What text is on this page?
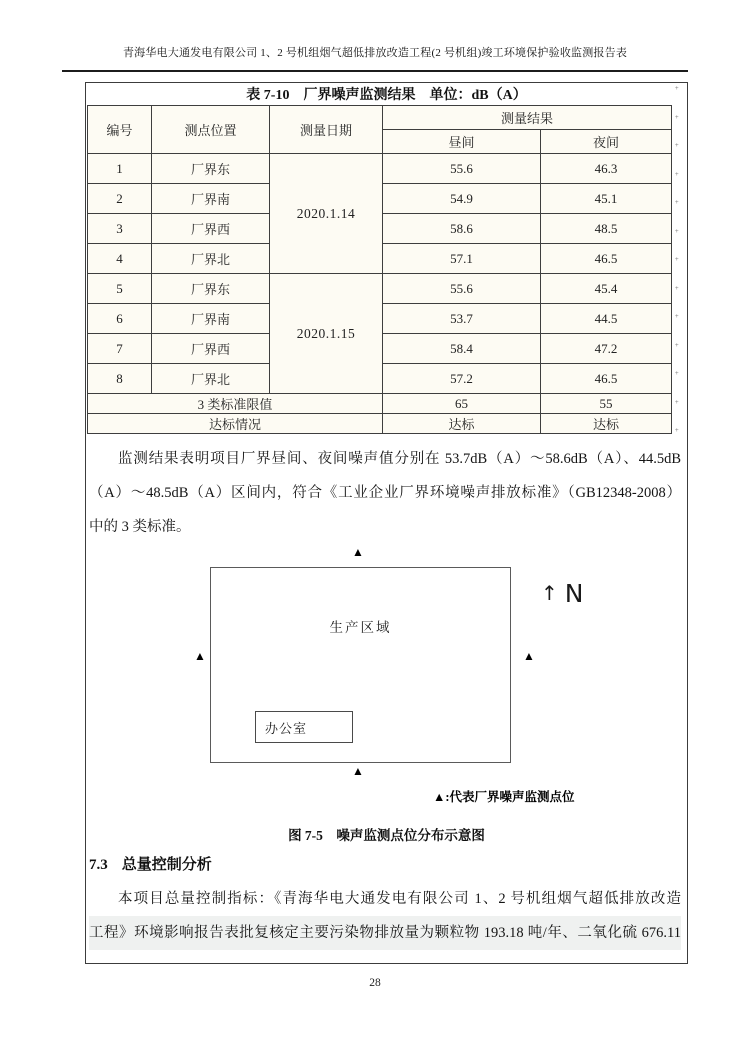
青海华电大通发电有限公司 1、2 号机组烟气超低排放改造工程(2 号机组)竣工环境保护验收监测报告表
表 7-10　厂界噪声监测结果　单位：dB（A）
编号	测点位置	测量日期	测量结果	
			昼间	夜间
1	厂界东	2020.1.14	55.6	46.3
2	厂界南		54.9	45.1
3	厂界西		58.6	48.5
4	厂界北		57.1	46.5
5	厂界东	2020.1.15	55.6	45.4
6	厂界南		53.7	44.5
7	厂界西		58.4	47.2
8	厂界北		57.2	46.5
3 类标准限值			65	55
达标情况			达标	达标
+
+
+
+
+
+
+
+
+
+
+
+
+

监测结果表明项目厂界昼间、夜间噪声值分别在 53.7dB（A）～58.6dB（A）、44.5dB
（A）～48.5dB（A）区间内，符合《工业企业厂界环境噪声排放标准》（GB12348-2008）
中的 3 类标准。

▲
▲	▲
▲
生产区域
办公室
↑ N
▲:代表厂界噪声监测点位
图 7-5　噪声监测点位分布示意图
7.3 总量控制分析

本项目总量控制指标：《青海华电大通发电有限公司 1、2 号机组烟气超低排放改造
工程》环境影响报告表批复核定主要污染物排放量为颗粒物 193.18 吨/年、二氧化硫 676.11

28
